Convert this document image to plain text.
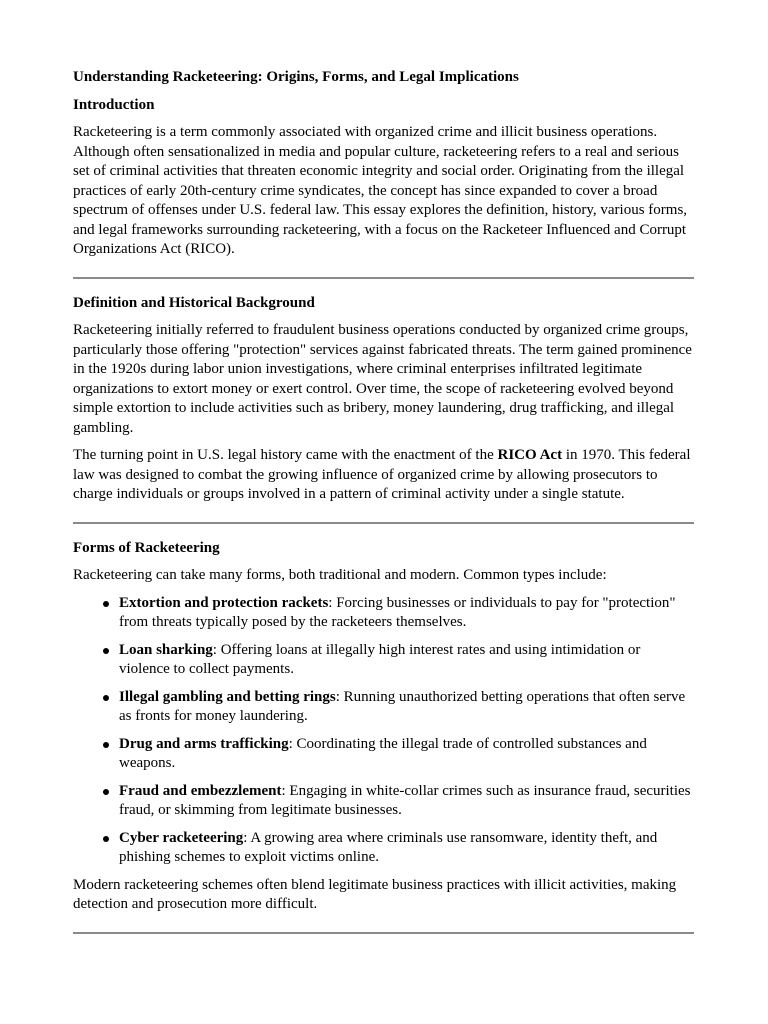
Understanding Racketeering: Origins, Forms, and Legal Implications
Introduction

Racketeering is a term commonly associated with organized crime and illicit business operations. Although often sensationalized in media and popular culture, racketeering refers to a real and serious set of criminal activities that threaten economic integrity and social order. Originating from the illegal practices of early 20th-century crime syndicates, the concept has since expanded to cover a broad spectrum of offenses under U.S. federal law. This essay explores the definition, history, various forms, and legal frameworks surrounding racketeering, with a focus on the Racketeer Influenced and Corrupt Organizations Act (RICO).

Definition and Historical Background

Racketeering initially referred to fraudulent business operations conducted by organized crime groups, particularly those offering "protection" services against fabricated threats. The term gained prominence in the 1920s during labor union investigations, where criminal enterprises infiltrated legitimate organizations to extort money or exert control. Over time, the scope of racketeering evolved beyond simple extortion to include activities such as bribery, money laundering, drug trafficking, and illegal gambling.

The turning point in U.S. legal history came with the enactment of the RICO Act in 1970. This federal law was designed to combat the growing influence of organized crime by allowing prosecutors to charge individuals or groups involved in a pattern of criminal activity under a single statute.

Forms of Racketeering

Racketeering can take many forms, both traditional and modern. Common types include:

Extortion and protection rackets: Forcing businesses or individuals to pay for "protection" from threats typically posed by the racketeers themselves.
Loan sharking: Offering loans at illegally high interest rates and using intimidation or violence to collect payments.
Illegal gambling and betting rings: Running unauthorized betting operations that often serve as fronts for money laundering.
Drug and arms trafficking: Coordinating the illegal trade of controlled substances and weapons.
Fraud and embezzlement: Engaging in white-collar crimes such as insurance fraud, securities fraud, or skimming from legitimate businesses.
Cyber racketeering: A growing area where criminals use ransomware, identity theft, and phishing schemes to exploit victims online.

Modern racketeering schemes often blend legitimate business practices with illicit activities, making detection and prosecution more difficult.
